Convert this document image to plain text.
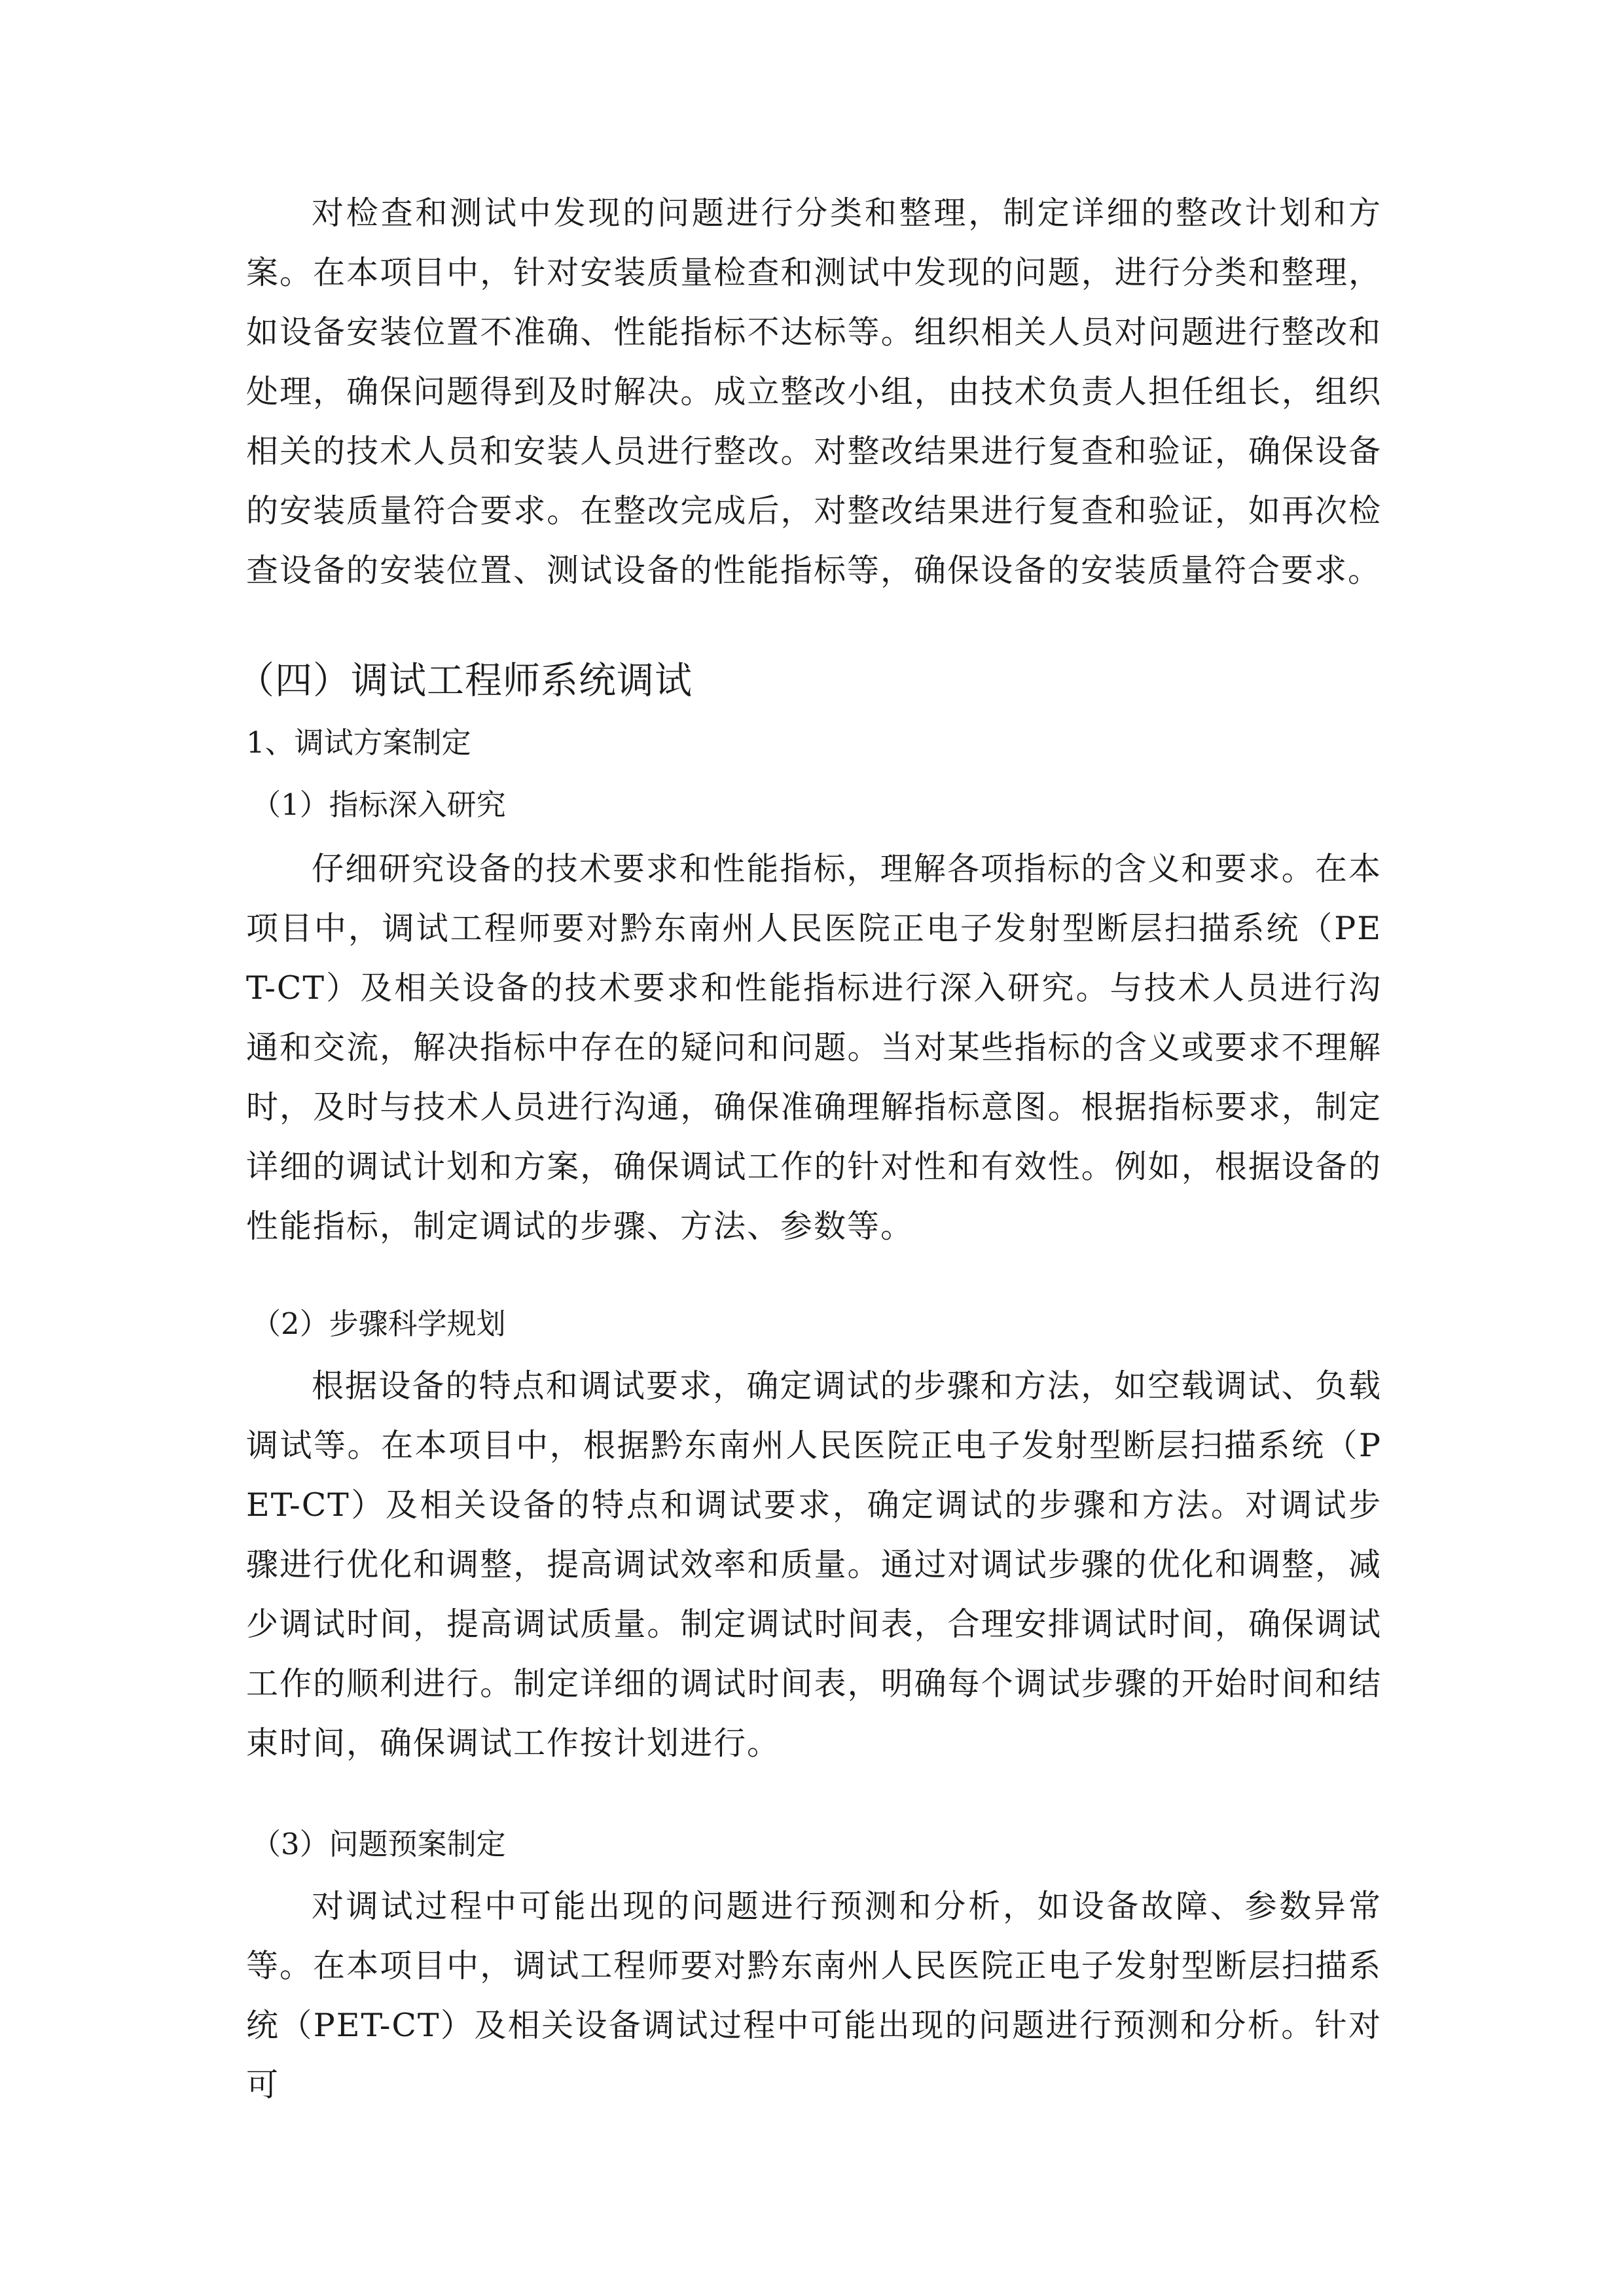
对检查和测试中发现的问题进行分类和整理，制定详细的整改计划和方案。在本项目中，针对安装质量检查和测试中发现的问题，进行分类和整理，如设备安装位置不准确、性能指标不达标等。组织相关人员对问题进行整改和处理，确保问题得到及时解决。成立整改小组，由技术负责人担任组长，组织相关的技术人员和安装人员进行整改。对整改结果进行复查和验证，确保设备的安装质量符合要求。在整改完成后，对整改结果进行复查和验证，如再次检查设备的安装位置、测试设备的性能指标等，确保设备的安装质量符合要求。

（四）调试工程师系统调试
1、调试方案制定
（1）指标深入研究

仔细研究设备的技术要求和性能指标，理解各项指标的含义和要求。在本项目中，调试工程师要对黔东南州人民医院正电子发射型断层扫描系统（PET-CT）及相关设备的技术要求和性能指标进行深入研究。与技术人员进行沟通和交流，解决指标中存在的疑问和问题。当对某些指标的含义或要求不理解时，及时与技术人员进行沟通，确保准确理解指标意图。根据指标要求，制定详细的调试计划和方案，确保调试工作的针对性和有效性。例如，根据设备的性能指标，制定调试的步骤、方法、参数等。

（2）步骤科学规划

根据设备的特点和调试要求，确定调试的步骤和方法，如空载调试、负载调试等。在本项目中，根据黔东南州人民医院正电子发射型断层扫描系统（PET-CT）及相关设备的特点和调试要求，确定调试的步骤和方法。对调试步骤进行优化和调整，提高调试效率和质量。通过对调试步骤的优化和调整，减少调试时间，提高调试质量。制定调试时间表，合理安排调试时间，确保调试工作的顺利进行。制定详细的调试时间表，明确每个调试步骤的开始时间和结束时间，确保调试工作按计划进行。

（3）问题预案制定

对调试过程中可能出现的问题进行预测和分析，如设备故障、参数异常等。在本项目中，调试工程师要对黔东南州人民医院正电子发射型断层扫描系统（PET-CT）及相关设备调试过程中可能出现的问题进行预测和分析。针对可
